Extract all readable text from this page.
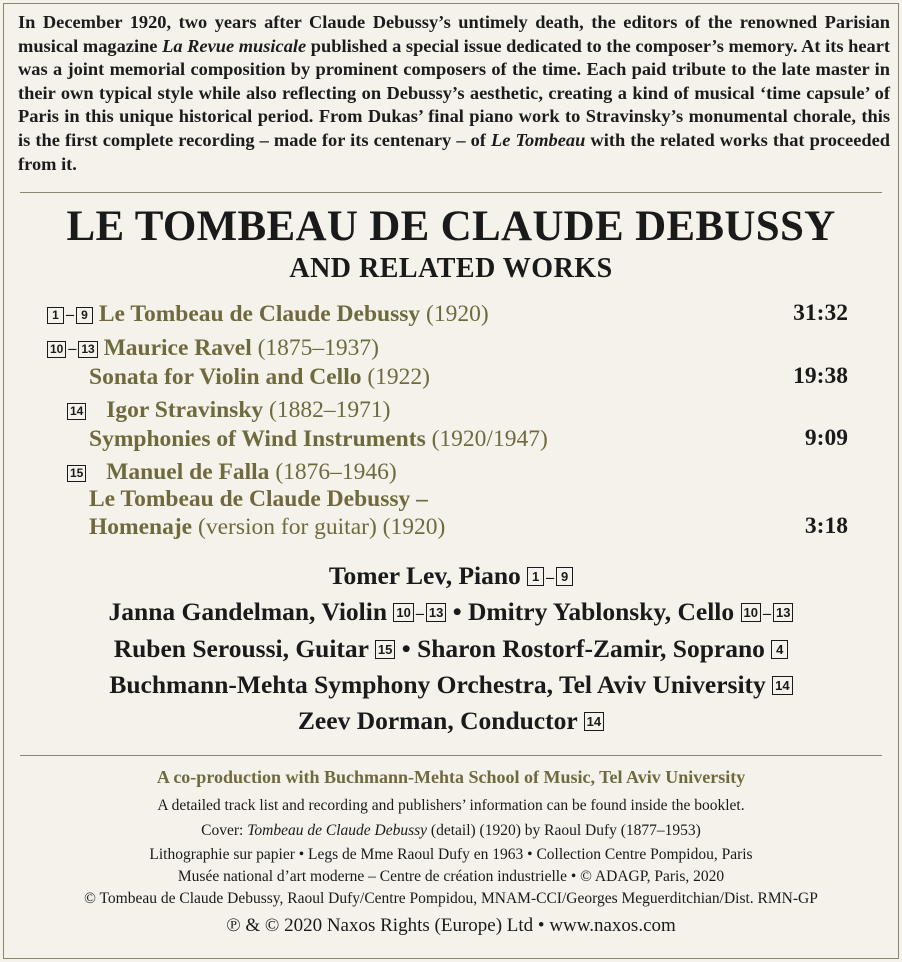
In December 1920, two years after Claude Debussy’s untimely death, the editors of the renowned Parisian musical magazine La Revue musicale published a special issue dedicated to the composer’s memory. At its heart was a joint memorial composition by prominent composers of the time. Each paid tribute to the late master in their own typical style while also reflecting on Debussy’s aesthetic, creating a kind of musical ‘time capsule’ of Paris in this unique historical period. From Dukas’ final piano work to Stravinsky’s monumental chorale, this is the first complete recording – made for its centenary – of Le Tombeau with the related works that proceeded from it.
LE TOMBEAU DE CLAUDE DEBUSSY
AND RELATED WORKS
1 – 9 Le Tombeau de Claude Debussy (1920)	31:32
10 – 13 Maurice Ravel (1875–1937)
Sonata for Violin and Cello (1922)	19:38
14 Igor Stravinsky (1882–1971)
Symphonies of Wind Instruments (1920/1947)	9:09
15 Manuel de Falla (1876–1946)
Le Tombeau de Claude Debussy –
Homenaje (version for guitar) (1920)	3:18
Tomer Lev, Piano 1 – 9
Janna Gandelman, Violin 10 – 13 • Dmitry Yablonsky, Cello 10 – 13
Ruben Seroussi, Guitar 15 • Sharon Rostorf-Zamir, Soprano 4
Buchmann-Mehta Symphony Orchestra, Tel Aviv University 14
Zeev Dorman, Conductor 14
A co-production with Buchmann-Mehta School of Music, Tel Aviv University
A detailed track list and recording and publishers’ information can be found inside the booklet.
Cover: Tombeau de Claude Debussy (detail) (1920) by Raoul Dufy (1877–1953)
Lithographie sur papier • Legs de Mme Raoul Dufy en 1963 • Collection Centre Pompidou, Paris
Musée national d’art moderne – Centre de création industrielle • © ADAGP, Paris, 2020
© Tombeau de Claude Debussy, Raoul Dufy/Centre Pompidou, MNAM-CCI/Georges Meguerditchian/Dist. RMN-GP
℗ & © 2020 Naxos Rights (Europe) Ltd • www.naxos.com
